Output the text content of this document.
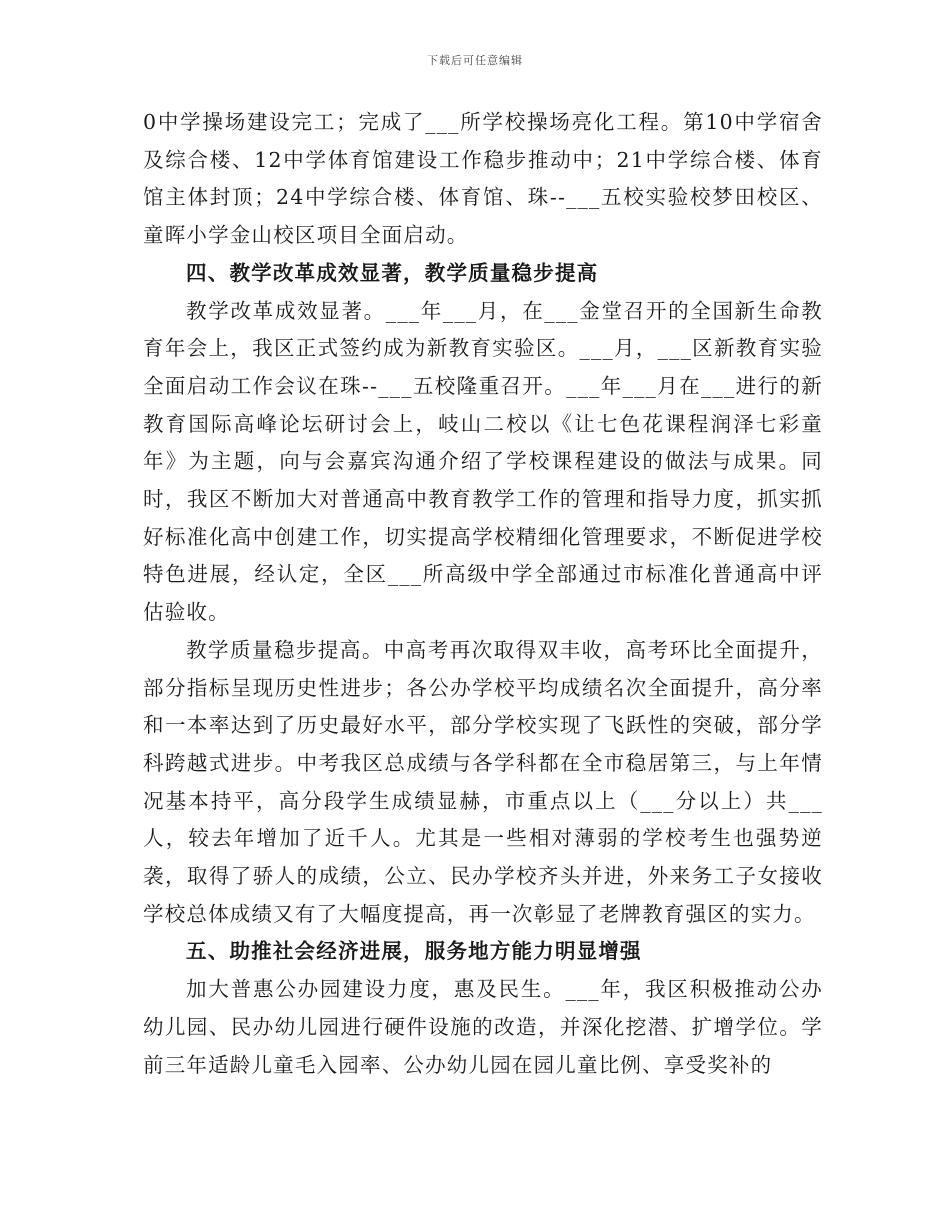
下载后可任意编辑

0中学操场建设完工；完成了___所学校操场亮化工程。第10中学宿舍及综合楼、12中学体育馆建设工作稳步推动中；21中学综合楼、体育馆主体封顶；24中学综合楼、体育馆、珠--___五校实验校梦田校区、童晖小学金山校区项目全面启动。

四、教学改革成效显著，教学质量稳步提高

教学改革成效显著。___年___月，在___金堂召开的全国新生命教育年会上，我区正式签约成为新教育实验区。___月，___区新教育实验全面启动工作会议在珠--___五校隆重召开。___年___月在___进行的新教育国际高峰论坛研讨会上，岐山二校以《让七色花课程润泽七彩童年》为主题，向与会嘉宾沟通介绍了学校课程建设的做法与成果。同时，我区不断加大对普通高中教育教学工作的管理和指导力度，抓实抓好标准化高中创建工作，切实提高学校精细化管理要求，不断促进学校特色进展，经认定，全区___所高级中学全部通过市标准化普通高中评估验收。

教学质量稳步提高。中高考再次取得双丰收，高考环比全面提升，部分指标呈现历史性进步；各公办学校平均成绩名次全面提升，高分率和一本率达到了历史最好水平，部分学校实现了飞跃性的突破，部分学科跨越式进步。中考我区总成绩与各学科都在全市稳居第三，与上年情况基本持平，高分段学生成绩显赫，市重点以上（___分以上）共___人，较去年增加了近千人。尤其是一些相对薄弱的学校考生也强势逆袭，取得了骄人的成绩，公立、民办学校齐头并进，外来务工子女接收学校总体成绩又有了大幅度提高，再一次彰显了老牌教育强区的实力。

五、助推社会经济进展，服务地方能力明显增强

加大普惠公办园建设力度，惠及民生。___年，我区积极推动公办幼儿园、民办幼儿园进行硬件设施的改造，并深化挖潜、扩增学位。学前三年适龄儿童毛入园率、公办幼儿园在园儿童比例、享受奖补的
